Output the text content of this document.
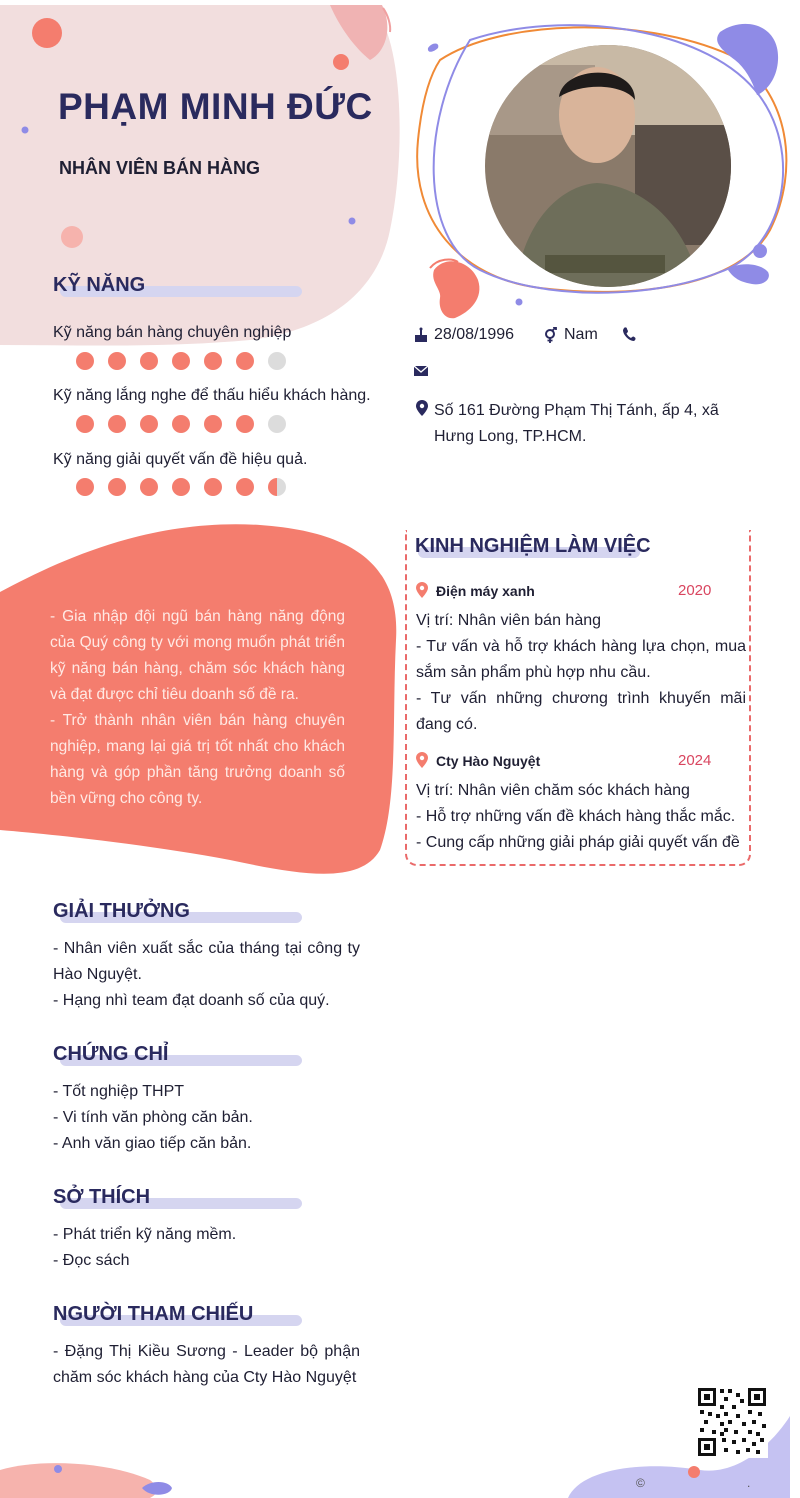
PHẠM MINH ĐỨC
NHÂN VIÊN BÁN HÀNG
KỸ NĂNG
Kỹ năng bán hàng chuyên nghiệp
Kỹ năng lắng nghe để thấu hiểu khách hàng.
Kỹ năng giải quyết vấn đề hiệu quả.
28/08/1996	Nam
Số 161 Đường Phạm Thị Tánh, ấp 4, xã Hưng Long, TP.HCM.

- Gia nhập đội ngũ bán hàng năng động của Quý công ty với mong muốn phát triển kỹ năng bán hàng, chăm sóc khách hàng và đạt được chỉ tiêu doanh số đề ra.

- Trở thành nhân viên bán hàng chuyên nghiệp, mang lại giá trị tốt nhất cho khách hàng và góp phần tăng trưởng doanh số bền vững cho công ty.

KINH NGHIỆM LÀM VIỆC
Điện máy xanh	2020
Vị trí: Nhân viên bán hàng
- Tư vấn và hỗ trợ khách hàng lựa chọn, mua sắm sản phẩm phù hợp nhu cầu.
- Tư vấn những chương trình khuyến mãi đang có.
Cty Hào Nguyệt	2024
Vị trí: Nhân viên chăm sóc khách hàng
- Hỗ trợ những vấn đề khách hàng thắc mắc.
- Cung cấp những giải pháp giải quyết vấn đề
GIẢI THƯỞNG
- Nhân viên xuất sắc của tháng tại công ty Hào Nguyệt.
- Hạng nhì team đạt doanh số của quý.
CHỨNG CHỈ
- Tốt nghiệp THPT
- Vi tính văn phòng căn bản.
- Anh văn giao tiếp căn bản.
SỞ THÍCH
- Phát triển kỹ năng mềm.
- Đọc sách
NGƯỜI THAM CHIẾU
- Đặng Thị Kiều Sương - Leader bộ phận chăm sóc khách hàng của Cty Hào Nguyệt
©	.
